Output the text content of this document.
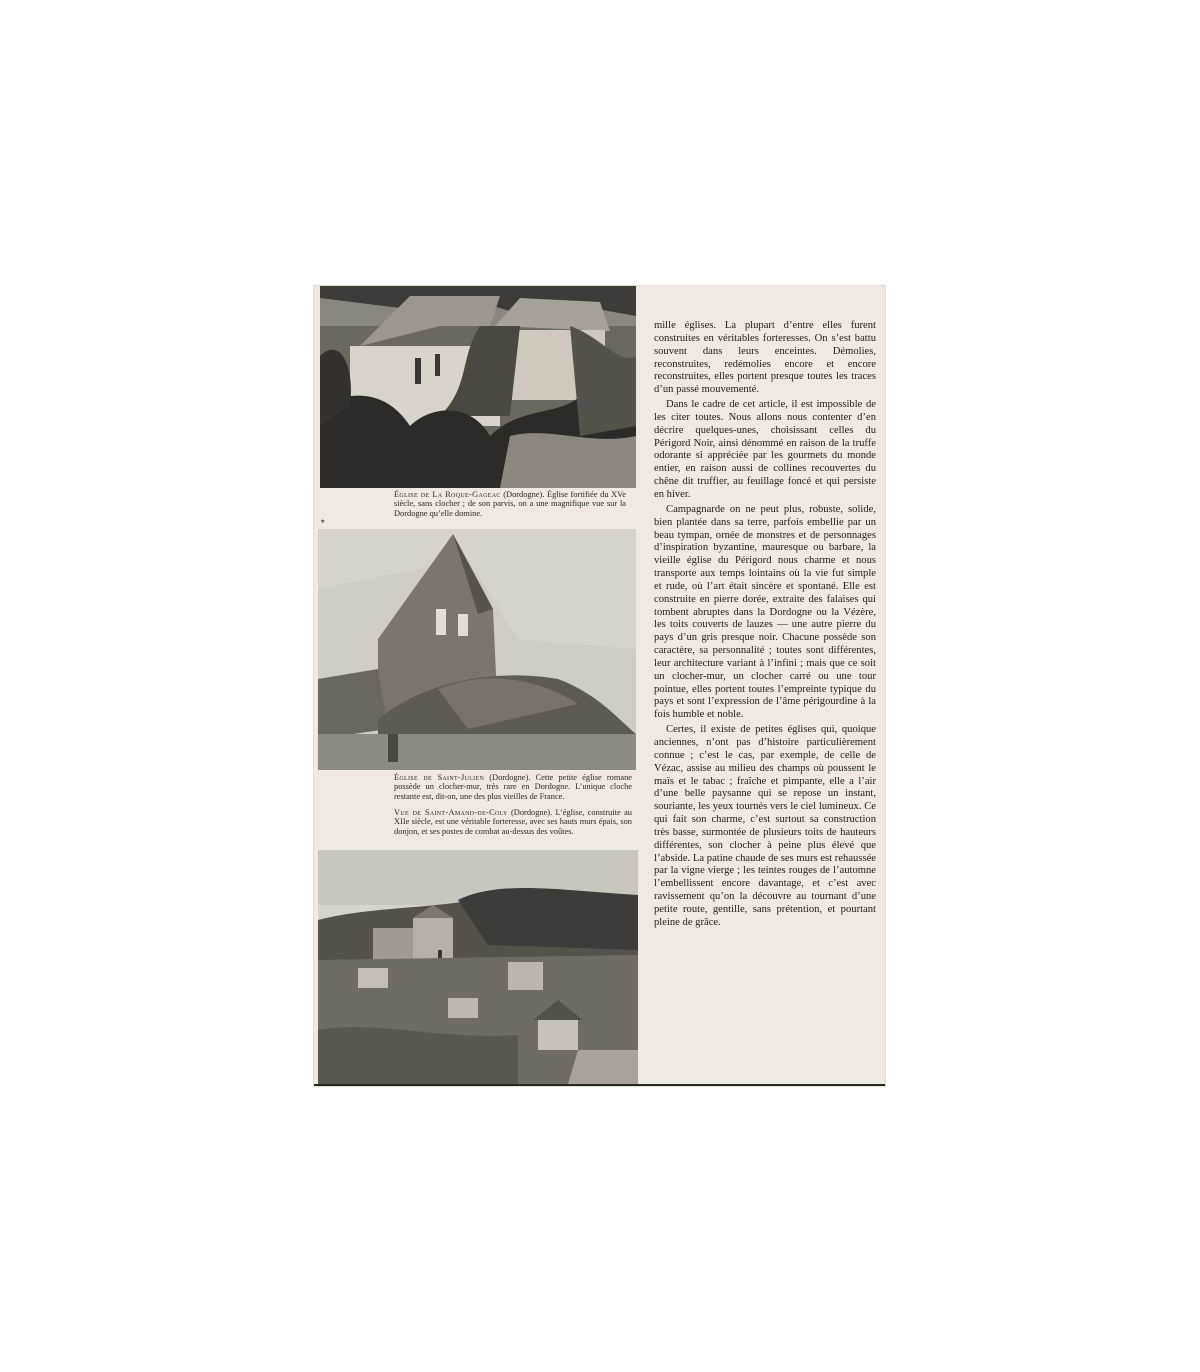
Église de La Roque-Gageac (Dordogne). Église fortifiée du XVe siècle, sans clocher ; de son parvis, on a une magnifique vue sur la Dordogne qu’elle domine.
★
Église de Saint-Julien (Dordogne). Cette petite église romane possède un clocher-mur, très rare en Dordogne. L’unique cloche restante est, dit-on, une des plus vieilles de France.
Vue de Saint-Amand-de-Coly (Dordogne). L’église, construite au XIIe siècle, est une véritable forteresse, avec ses hauts murs épais, son donjon, et ses postes de combat au-dessus des voûtes.

mille églises. La plupart d’entre elles furent construites en véritables forteresses. On s’est battu souvent dans leurs enceintes. Démolies, reconstruites, redémolies encore et encore reconstruites, elles portent presque toutes les traces d’un passé mouvementé.

Dans le cadre de cet article, il est impossible de les citer toutes. Nous allons nous contenter d’en décrire quelques-unes, choisissant celles du Périgord Noir, ainsi dénommé en raison de la truffe odorante si appréciée par les gourmets du monde entier, en raison aussi de collines recouvertes du chêne dit truffier, au feuillage foncé et qui persiste en hiver.

Campagnarde on ne peut plus, robuste, solide, bien plantée dans sa terre, parfois embellie par un beau tympan, ornée de monstres et de personnages d’inspiration byzantine, mauresque ou barbare, la vieille église du Périgord nous charme et nous transporte aux temps lointains où la vie fut simple et rude, où l’art était sincère et spontané. Elle est construite en pierre dorée, extraite des falaises qui tombent abruptes dans la Dordogne ou la Vézère, les toits couverts de lauzes — une autre pierre du pays d’un gris presque noir. Chacune possède son caractère, sa personnalité ; toutes sont différentes, leur architecture variant à l’infini ; mais que ce soit un clocher-mur, un clocher carré ou une tour pointue, elles portent toutes l’empreinte typique du pays et sont l’expression de l’âme périgourdine à la fois humble et noble.

Certes, il existe de petites églises qui, quoique anciennes, n’ont pas d’histoire particulièrement connue ; c’est le cas, par exemple, de celle de Vézac, assise au milieu des champs où poussent le maïs et le tabac ; fraîche et pimpante, elle a l’air d’une belle paysanne qui se repose un instant, souriante, les yeux tournés vers le ciel lumineux. Ce qui fait son charme, c’est surtout sa construction très basse, surmontée de plusieurs toits de hauteurs différentes, son clocher à peine plus élevé que l’abside. La patine chaude de ses murs est rehaussée par la vigne vierge ; les teintes rouges de l’automne l’embellissent encore davantage, et c’est avec ravissement qu’on la découvre au tournant d’une petite route, gentille, sans prétention, et pourtant pleine de grâce.
